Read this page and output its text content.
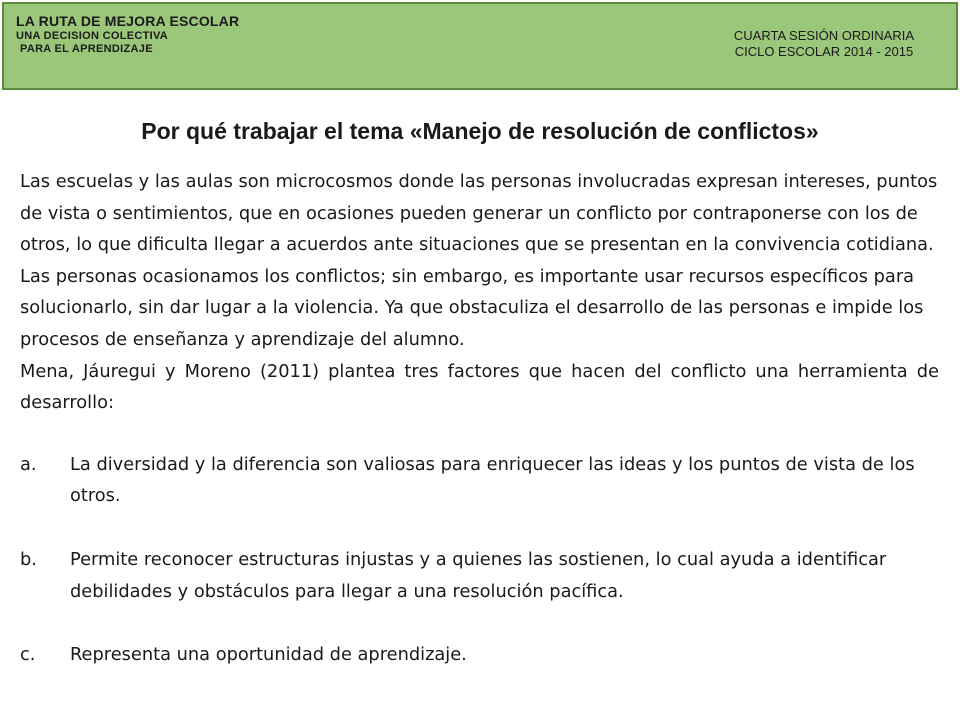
LA RUTA DE MEJORA ESCOLAR
UNA DECISION COLECTIVA
PARA EL APRENDIZAJE
CUARTA SESIÓN ORDINARIA
CICLO ESCOLAR 2014 - 2015
Por qué trabajar el tema «Manejo de resolución de conflictos»

Las escuelas y las aulas son microcosmos donde las personas involucradas expresan intereses, puntos de vista o sentimientos, que en ocasiones pueden generar un conflicto por contraponerse con los de otros, lo que dificulta llegar a acuerdos ante situaciones que se presentan en la convivencia cotidiana. Las personas ocasionamos los conflictos; sin embargo, es importante usar recursos específicos para solucionarlo, sin dar lugar a la violencia. Ya que obstaculiza el desarrollo de las personas e impide los procesos de enseñanza y aprendizaje del alumno.

Mena, Jáuregui y Moreno (2011) plantea tres factores que hacen del conflicto una herramienta de desarrollo:

a. La diversidad y la diferencia son valiosas para enriquecer las ideas y los puntos de vista de los otros.
b. Permite reconocer estructuras injustas y a quienes las sostienen, lo cual ayuda a identificar debilidades y obstáculos para llegar a una resolución pacífica.
c. Representa una oportunidad de aprendizaje.
